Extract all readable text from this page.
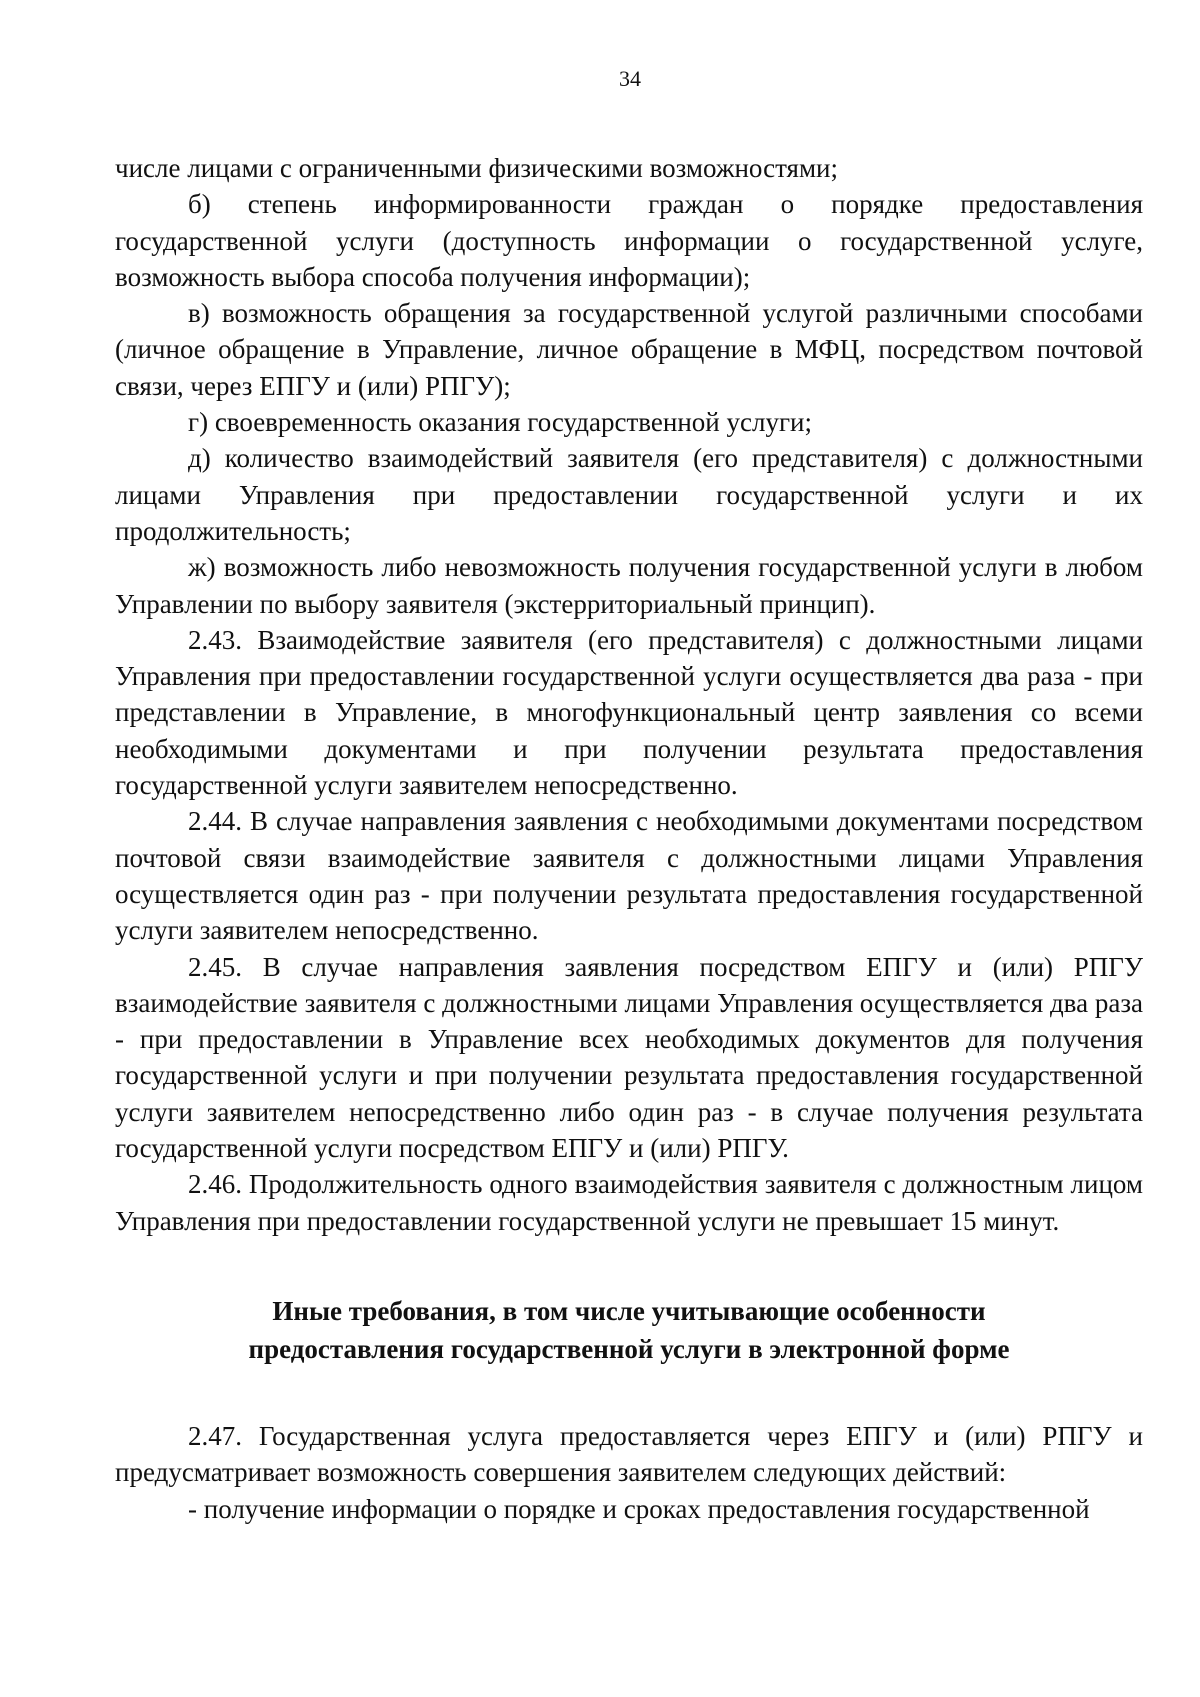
34

числе лицами с ограниченными физическими возможностями;

б) степень информированности граждан о порядке предоставления государственной услуги (доступность информации о государственной услуге, возможность выбора способа получения информации);

в) возможность обращения за государственной услугой различными способами (личное обращение в Управление, личное обращение в МФЦ, посредством почтовой связи, через ЕПГУ и (или) РПГУ);

г) своевременность оказания государственной услуги;

д) количество взаимодействий заявителя (его представителя) с должностными лицами Управления при предоставлении государственной услуги и их продолжительность;

ж) возможность либо невозможность получения государственной услуги в любом Управлении по выбору заявителя (экстерриториальный принцип).

2.43. Взаимодействие заявителя (его представителя) с должностными лицами Управления при предоставлении государственной услуги осуществляется два раза - при представлении в Управление, в многофункциональный центр заявления со всеми необходимыми документами и при получении результата предоставления государственной услуги заявителем непосредственно.

2.44. В случае направления заявления с необходимыми документами посредством почтовой связи взаимодействие заявителя с должностными лицами Управления осуществляется один раз - при получении результата предоставления государственной услуги заявителем непосредственно.

2.45. В случае направления заявления посредством ЕПГУ и (или) РПГУ взаимодействие заявителя с должностными лицами Управления осуществляется два раза - при предоставлении в Управление всех необходимых документов для получения государственной услуги и при получении результата предоставления государственной услуги заявителем непосредственно либо один раз - в случае получения результата государственной услуги посредством ЕПГУ и (или) РПГУ.

2.46. Продолжительность одного взаимодействия заявителя с должностным лицом Управления при предоставлении государственной услуги не превышает 15 минут.

Иные требования, в том числе учитывающие особенности
предоставления государственной услуги в электронной форме

2.47. Государственная услуга предоставляется через ЕПГУ и (или) РПГУ и предусматривает возможность совершения заявителем следующих действий:

- получение информации о порядке и сроках предоставления государственной
